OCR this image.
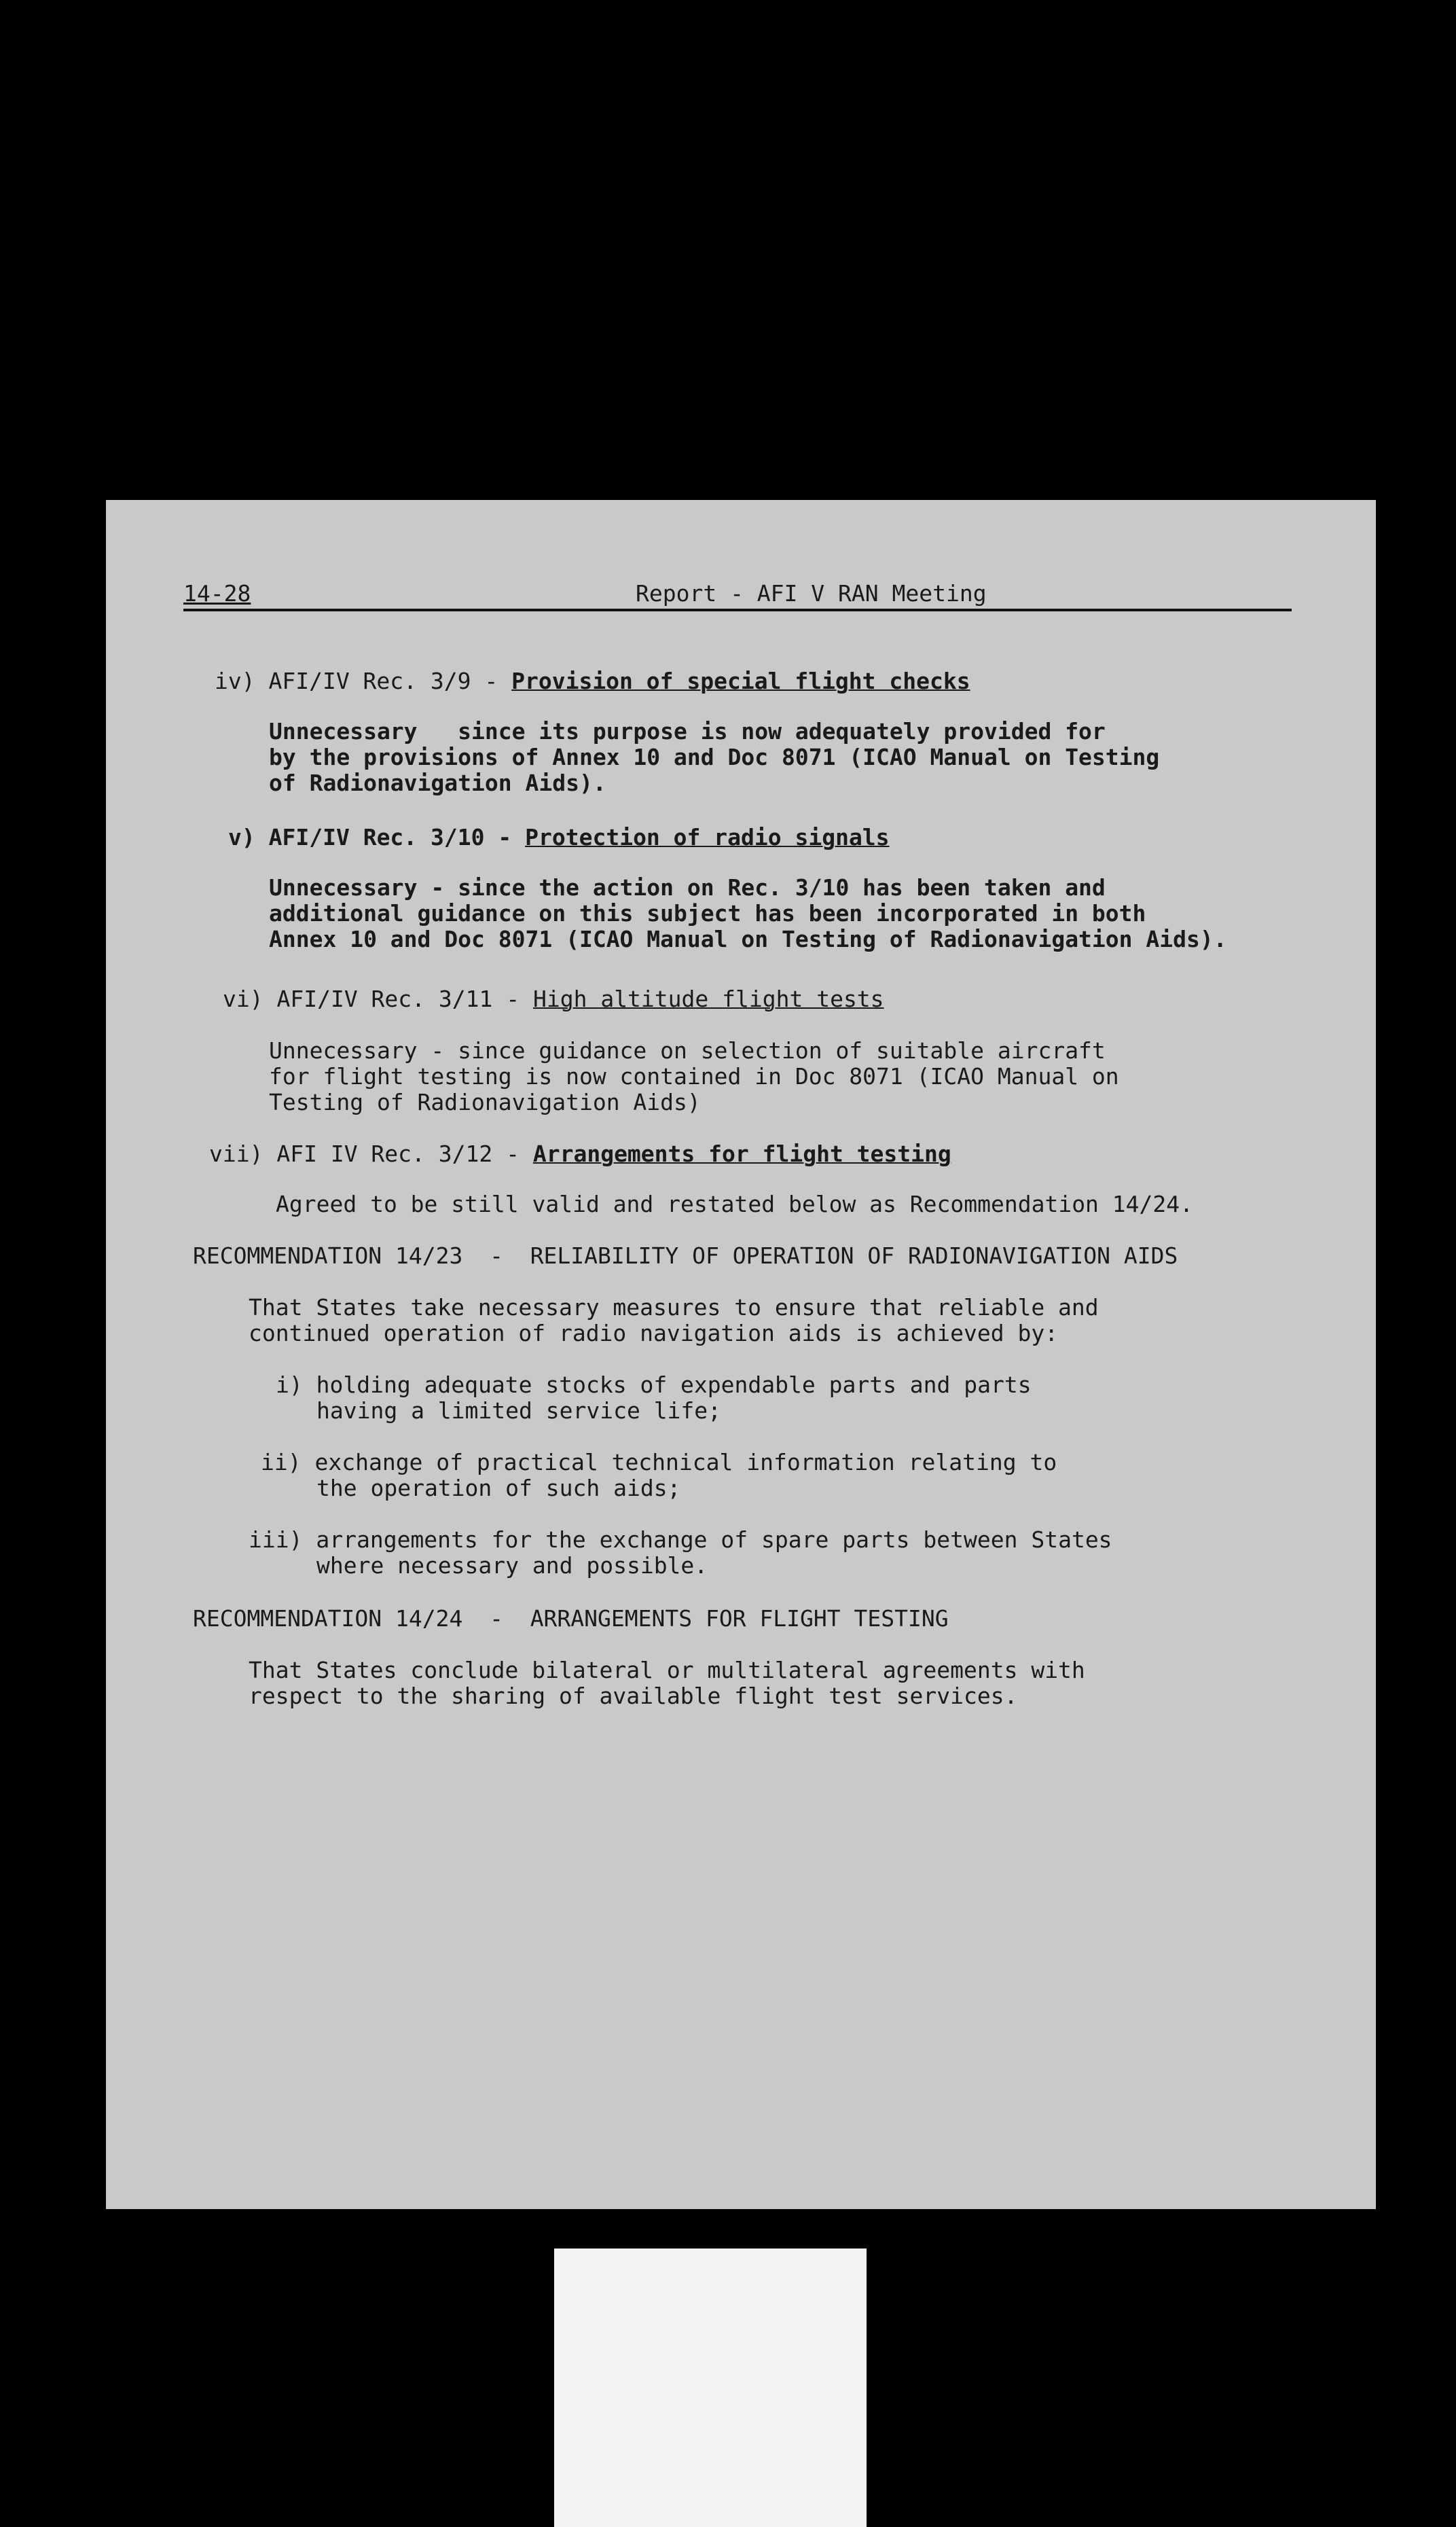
14-28	Report - AFI V RAN Meeting
iv) AFI/IV Rec. 3/9 - Provision of special flight checks
Unnecessary   since its purpose is now adequately provided for
by the provisions of Annex 10 and Doc 8071 (ICAO Manual on Testing
of Radionavigation Aids).
v) AFI/IV Rec. 3/10 - Protection of radio signals
Unnecessary - since the action on Rec. 3/10 has been taken and
additional guidance on this subject has been incorporated in both
Annex 10 and Doc 8071 (ICAO Manual on Testing of Radionavigation Aids).
vi) AFI/IV Rec. 3/11 - High altitude flight tests
Unnecessary - since guidance on selection of suitable aircraft
for flight testing is now contained in Doc 8071 (ICAO Manual on
Testing of Radionavigation Aids)
vii) AFI IV Rec. 3/12 - Arrangements for flight testing
Agreed to be still valid and restated below as Recommendation 14/24.
RECOMMENDATION 14/23  -  RELIABILITY OF OPERATION OF RADIONAVIGATION AIDS
That States take necessary measures to ensure that reliable and
continued operation of radio navigation aids is achieved by:
i) holding adequate stocks of expendable parts and parts
having a limited service life;
ii) exchange of practical technical information relating to
the operation of such aids;
iii) arrangements for the exchange of spare parts between States
where necessary and possible.
RECOMMENDATION 14/24  -  ARRANGEMENTS FOR FLIGHT TESTING
That States conclude bilateral or multilateral agreements with
respect to the sharing of available flight test services.
